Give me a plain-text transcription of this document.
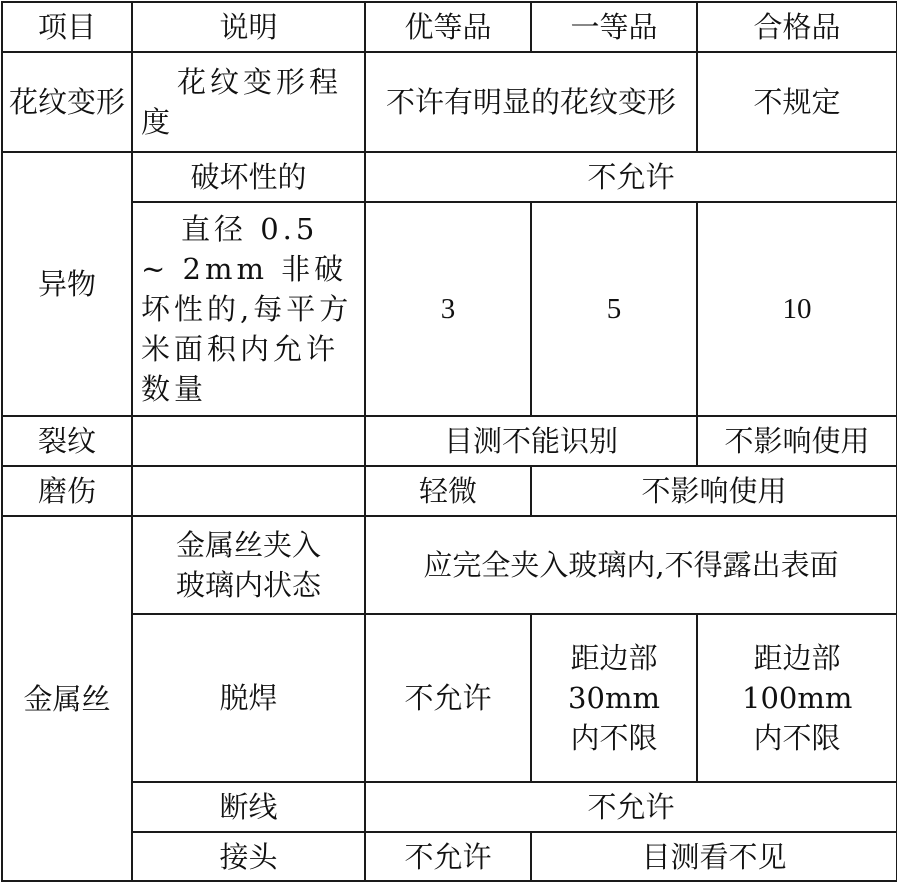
项目	说明	优等品	一等品	合格品
花纹变形	花纹变形程度	不许有明显的花纹变形		不规定
异物	破坏性的	不允许		
	直径 0.5 ~ 2mm 非破坏性的,每平方米面积内允许数量	3	5	10
裂纹		目测不能识别		不影响使用
磨伤		轻微	不影响使用	
金属丝	金属丝夹入玻璃内状态	应完全夹入玻璃内,不得露出表面		
	脱焊	不允许	距边部30mm内不限	距边部100mm内不限
	断线	不允许		
	接头	不允许	目测看不见	
